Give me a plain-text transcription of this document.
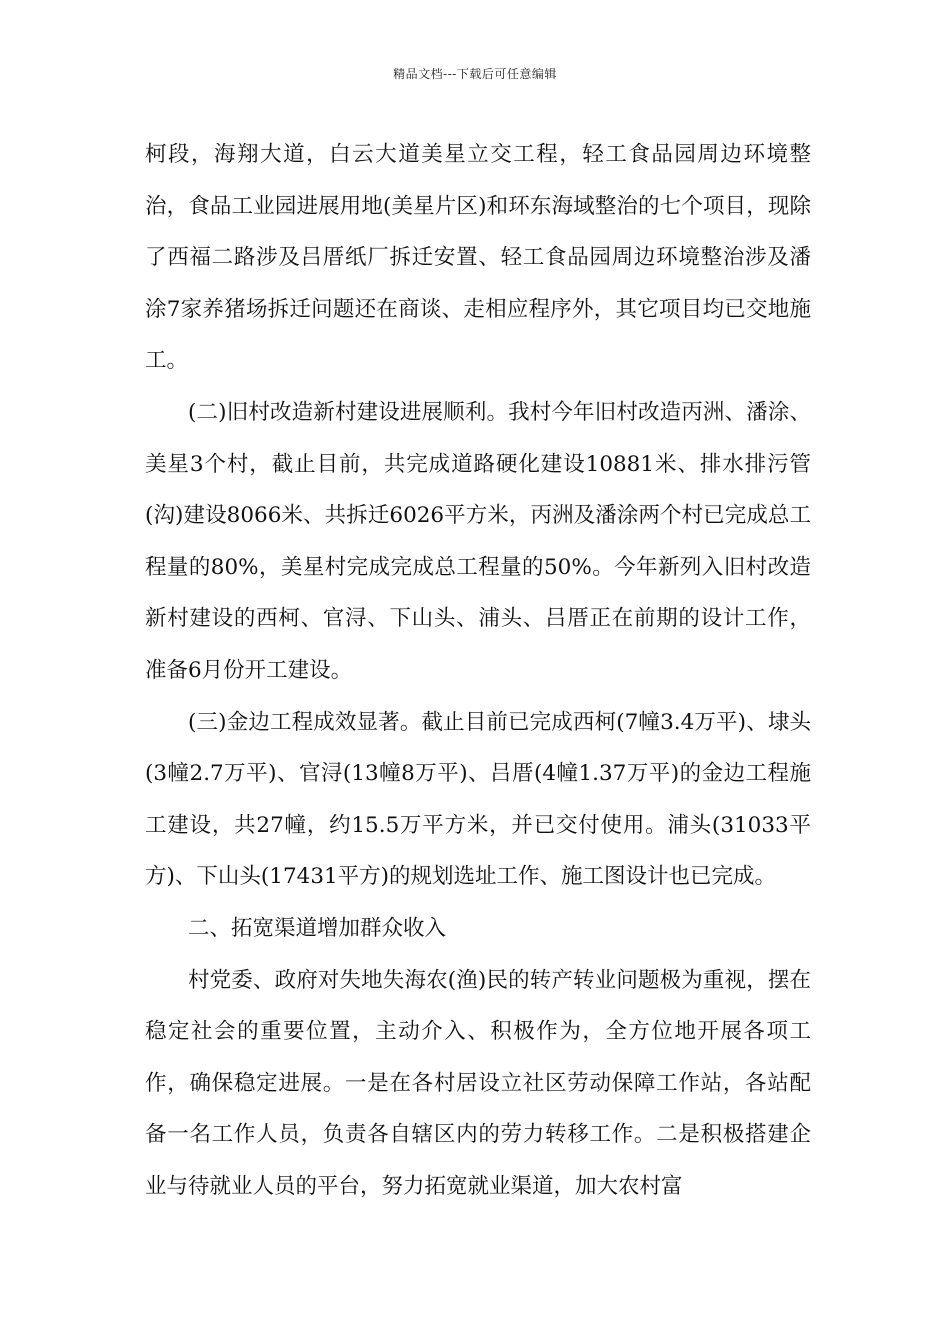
精品文档---下载后可任意编辑

柯段，海翔大道，白云大道美星立交工程，轻工食品园周边环境整治，食品工业园进展用地(美星片区)和环东海域整治的七个项目，现除了西福二路涉及吕厝纸厂拆迁安置、轻工食品园周边环境整治涉及潘涂7家养猪场拆迁问题还在商谈、走相应程序外，其它项目均已交地施工。

(二)旧村改造新村建设进展顺利。我村今年旧村改造丙洲、潘涂、美星3个村，截止目前，共完成道路硬化建设10881米、排水排污管(沟)建设8066米、共拆迁6026平方米，丙洲及潘涂两个村已完成总工程量的80%，美星村完成完成总工程量的50%。今年新列入旧村改造新村建设的西柯、官浔、下山头、浦头、吕厝正在前期的设计工作，准备6月份开工建设。

(三)金边工程成效显著。截止目前已完成西柯(7幢3.4万平)、埭头(3幢2.7万平)、官浔(13幢8万平)、吕厝(4幢1.37万平)的金边工程施工建设，共27幢，约15.5万平方米，并已交付使用。浦头(31033平方)、下山头(17431平方)的规划选址工作、施工图设计也已完成。

二、拓宽渠道增加群众收入

村党委、政府对失地失海农(渔)民的转产转业问题极为重视，摆在稳定社会的重要位置，主动介入、积极作为，全方位地开展各项工作，确保稳定进展。一是在各村居设立社区劳动保障工作站，各站配备一名工作人员，负责各自辖区内的劳力转移工作。二是积极搭建企业与待就业人员的平台，努力拓宽就业渠道，加大农村富
